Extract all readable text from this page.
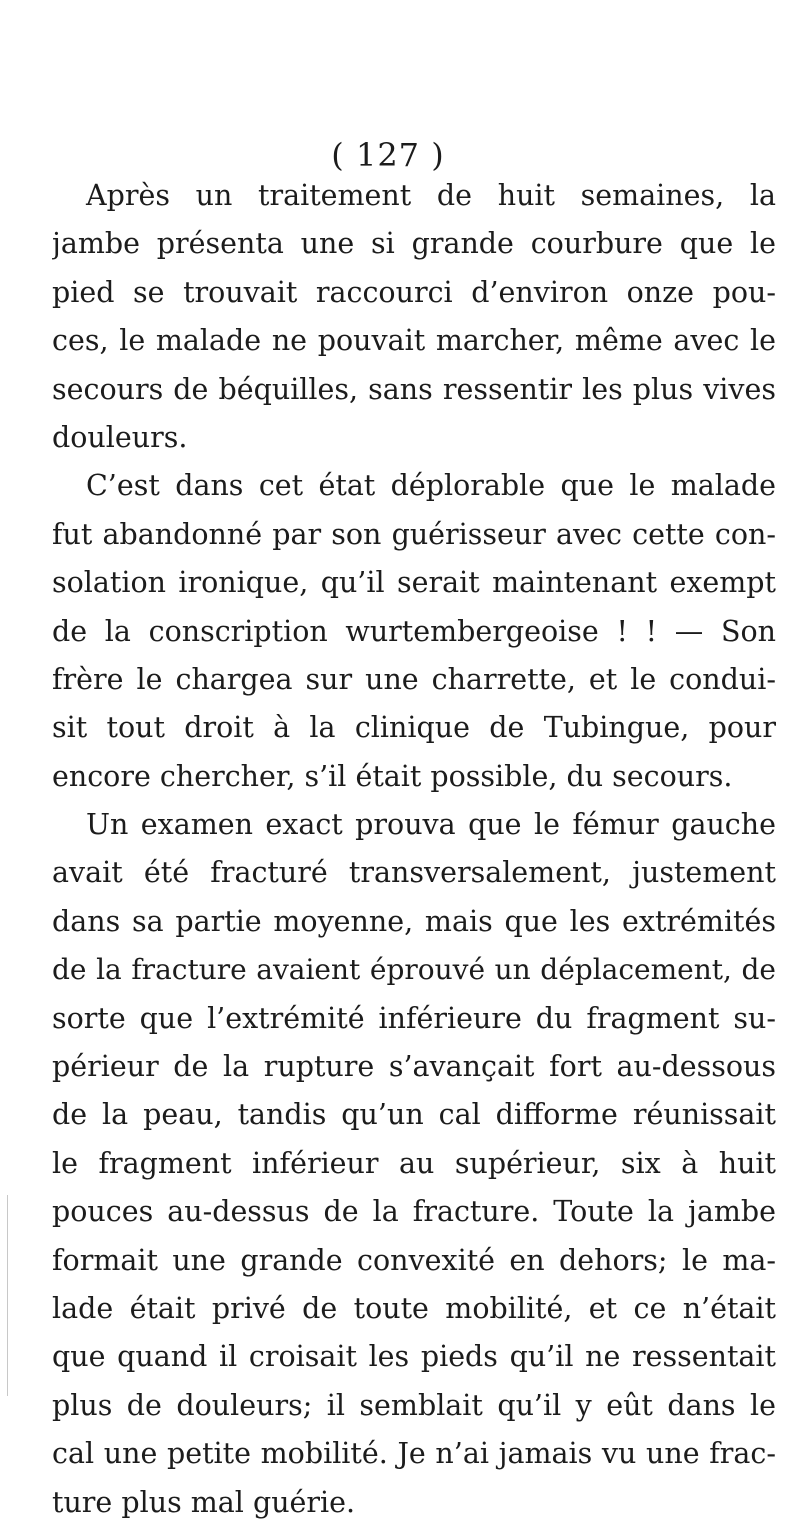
( 127 )
Après un traitement de huit semaines, la
jambe présenta une si grande courbure que le
pied se trouvait raccourci d’environ onze pou-
ces, le malade ne pouvait marcher, même avec le
secours de béquilles, sans ressentir les plus vives
douleurs.
C’est dans cet état déplorable que le malade
fut abandonné par son guérisseur avec cette con-
solation ironique, qu’il serait maintenant exempt
de la conscription wurtembergeoise ! ! — Son
frère le chargea sur une charrette, et le condui-
sit tout droit à la clinique de Tubingue, pour
encore chercher, s’il était possible, du secours.
Un examen exact prouva que le fémur gauche
avait été fracturé transversalement, justement
dans sa partie moyenne, mais que les extrémités
de la fracture avaient éprouvé un déplacement, de
sorte que l’extrémité inférieure du fragment su-
périeur de la rupture s’avançait fort au-dessous
de la peau, tandis qu’un cal difforme réunissait
le fragment inférieur au supérieur, six à huit
pouces au-dessus de la fracture. Toute la jambe
formait une grande convexité en dehors; le ma-
lade était privé de toute mobilité, et ce n’était
que quand il croisait les pieds qu’il ne ressentait
plus de douleurs; il semblait qu’il y eût dans le
cal une petite mobilité. Je n’ai jamais vu une frac-
ture plus mal guérie.
